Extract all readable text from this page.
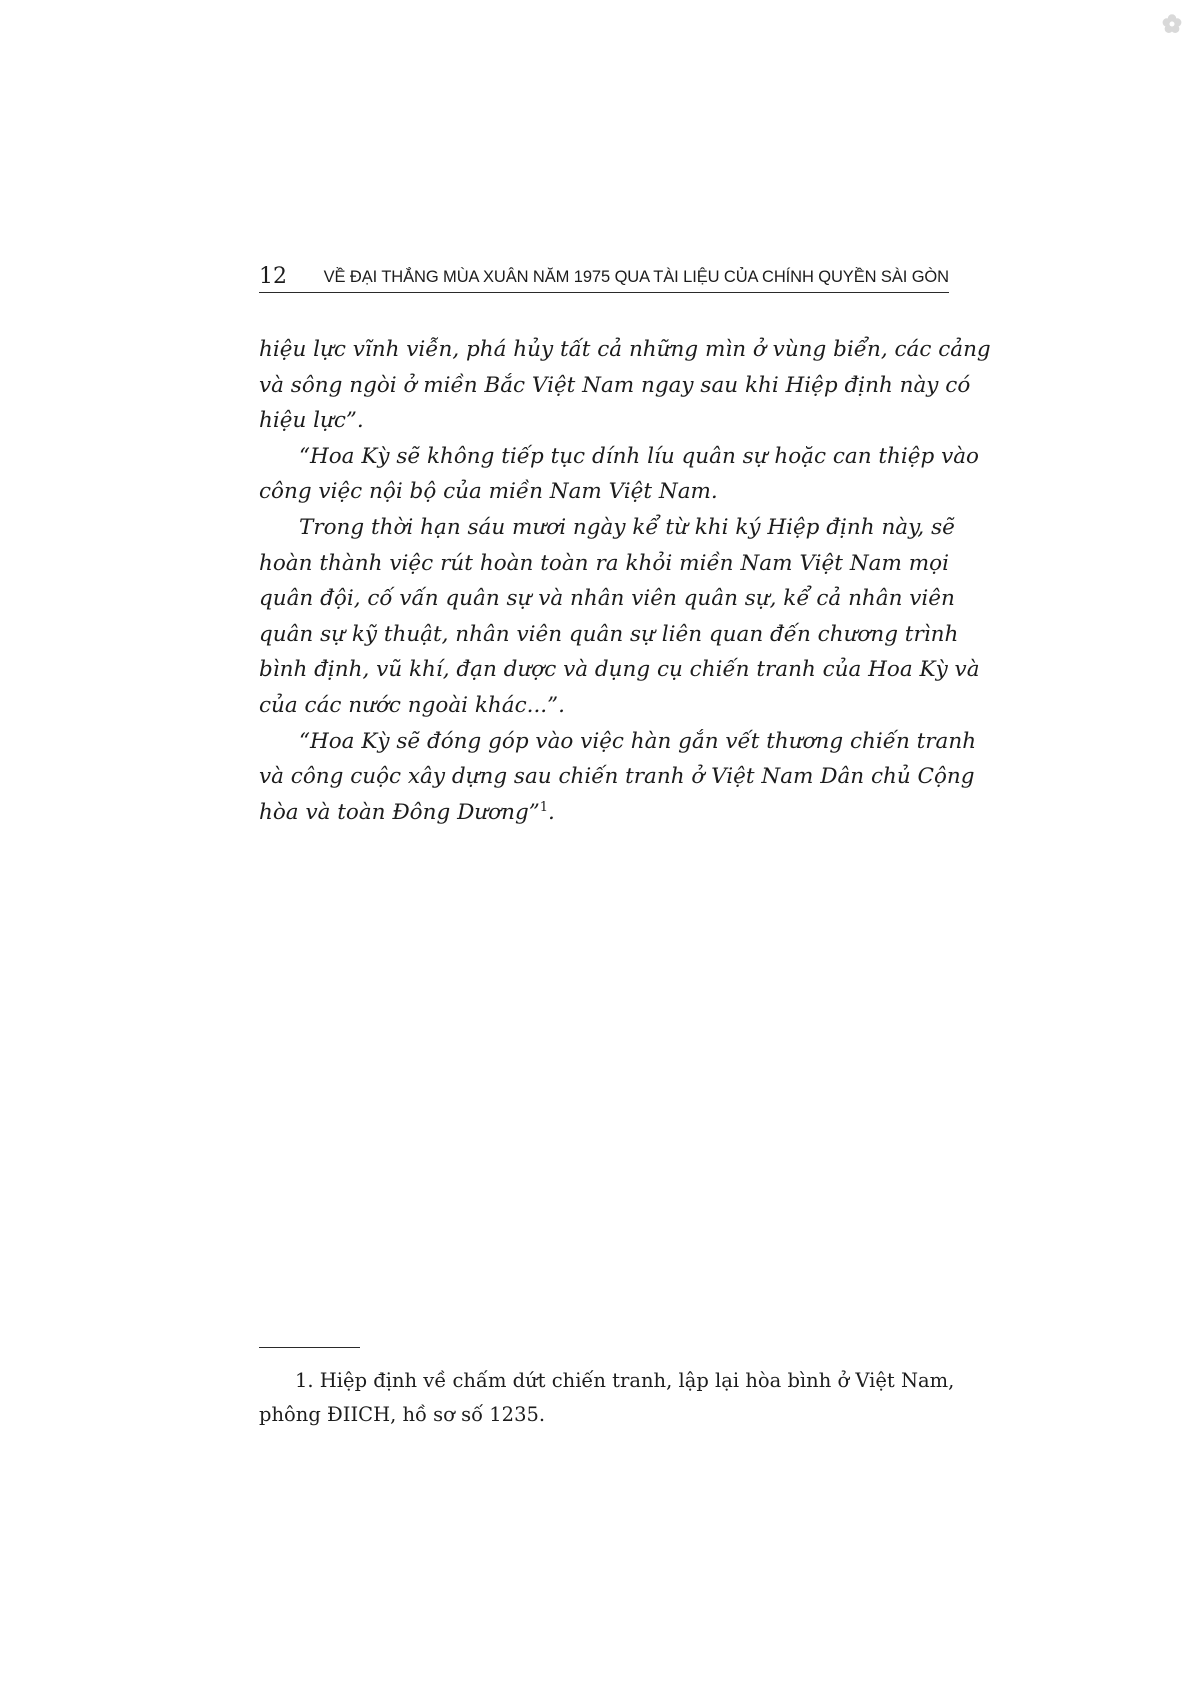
12 VỀ ĐẠI THẮNG MÙA XUÂN NĂM 1975 QUA TÀI LIỆU CỦA CHÍNH QUYỀN SÀI GÒN
hiệu lực vĩnh viễn, phá hủy tất cả những mìn ở vùng biển, các cảng
và sông ngòi ở miền Bắc Việt Nam ngay sau khi Hiệp định này có
hiệu lực”.
“Hoa Kỳ sẽ không tiếp tục dính líu quân sự hoặc can thiệp vào
công việc nội bộ của miền Nam Việt Nam.
Trong thời hạn sáu mươi ngày kể từ khi ký Hiệp định này, sẽ
hoàn thành việc rút hoàn toàn ra khỏi miền Nam Việt Nam mọi
quân đội, cố vấn quân sự và nhân viên quân sự, kể cả nhân viên
quân sự kỹ thuật, nhân viên quân sự liên quan đến chương trình
bình định, vũ khí, đạn dược và dụng cụ chiến tranh của Hoa Kỳ và
của các nước ngoài khác...”.
“Hoa Kỳ sẽ đóng góp vào việc hàn gắn vết thương chiến tranh
và công cuộc xây dựng sau chiến tranh ở Việt Nam Dân chủ Cộng
hòa và toàn Đông Dương”$^1$.
1. Hiệp định về chấm dứt chiến tranh, lập lại hòa bình ở Việt Nam,
phông ĐIICH, hồ sơ số 1235.
